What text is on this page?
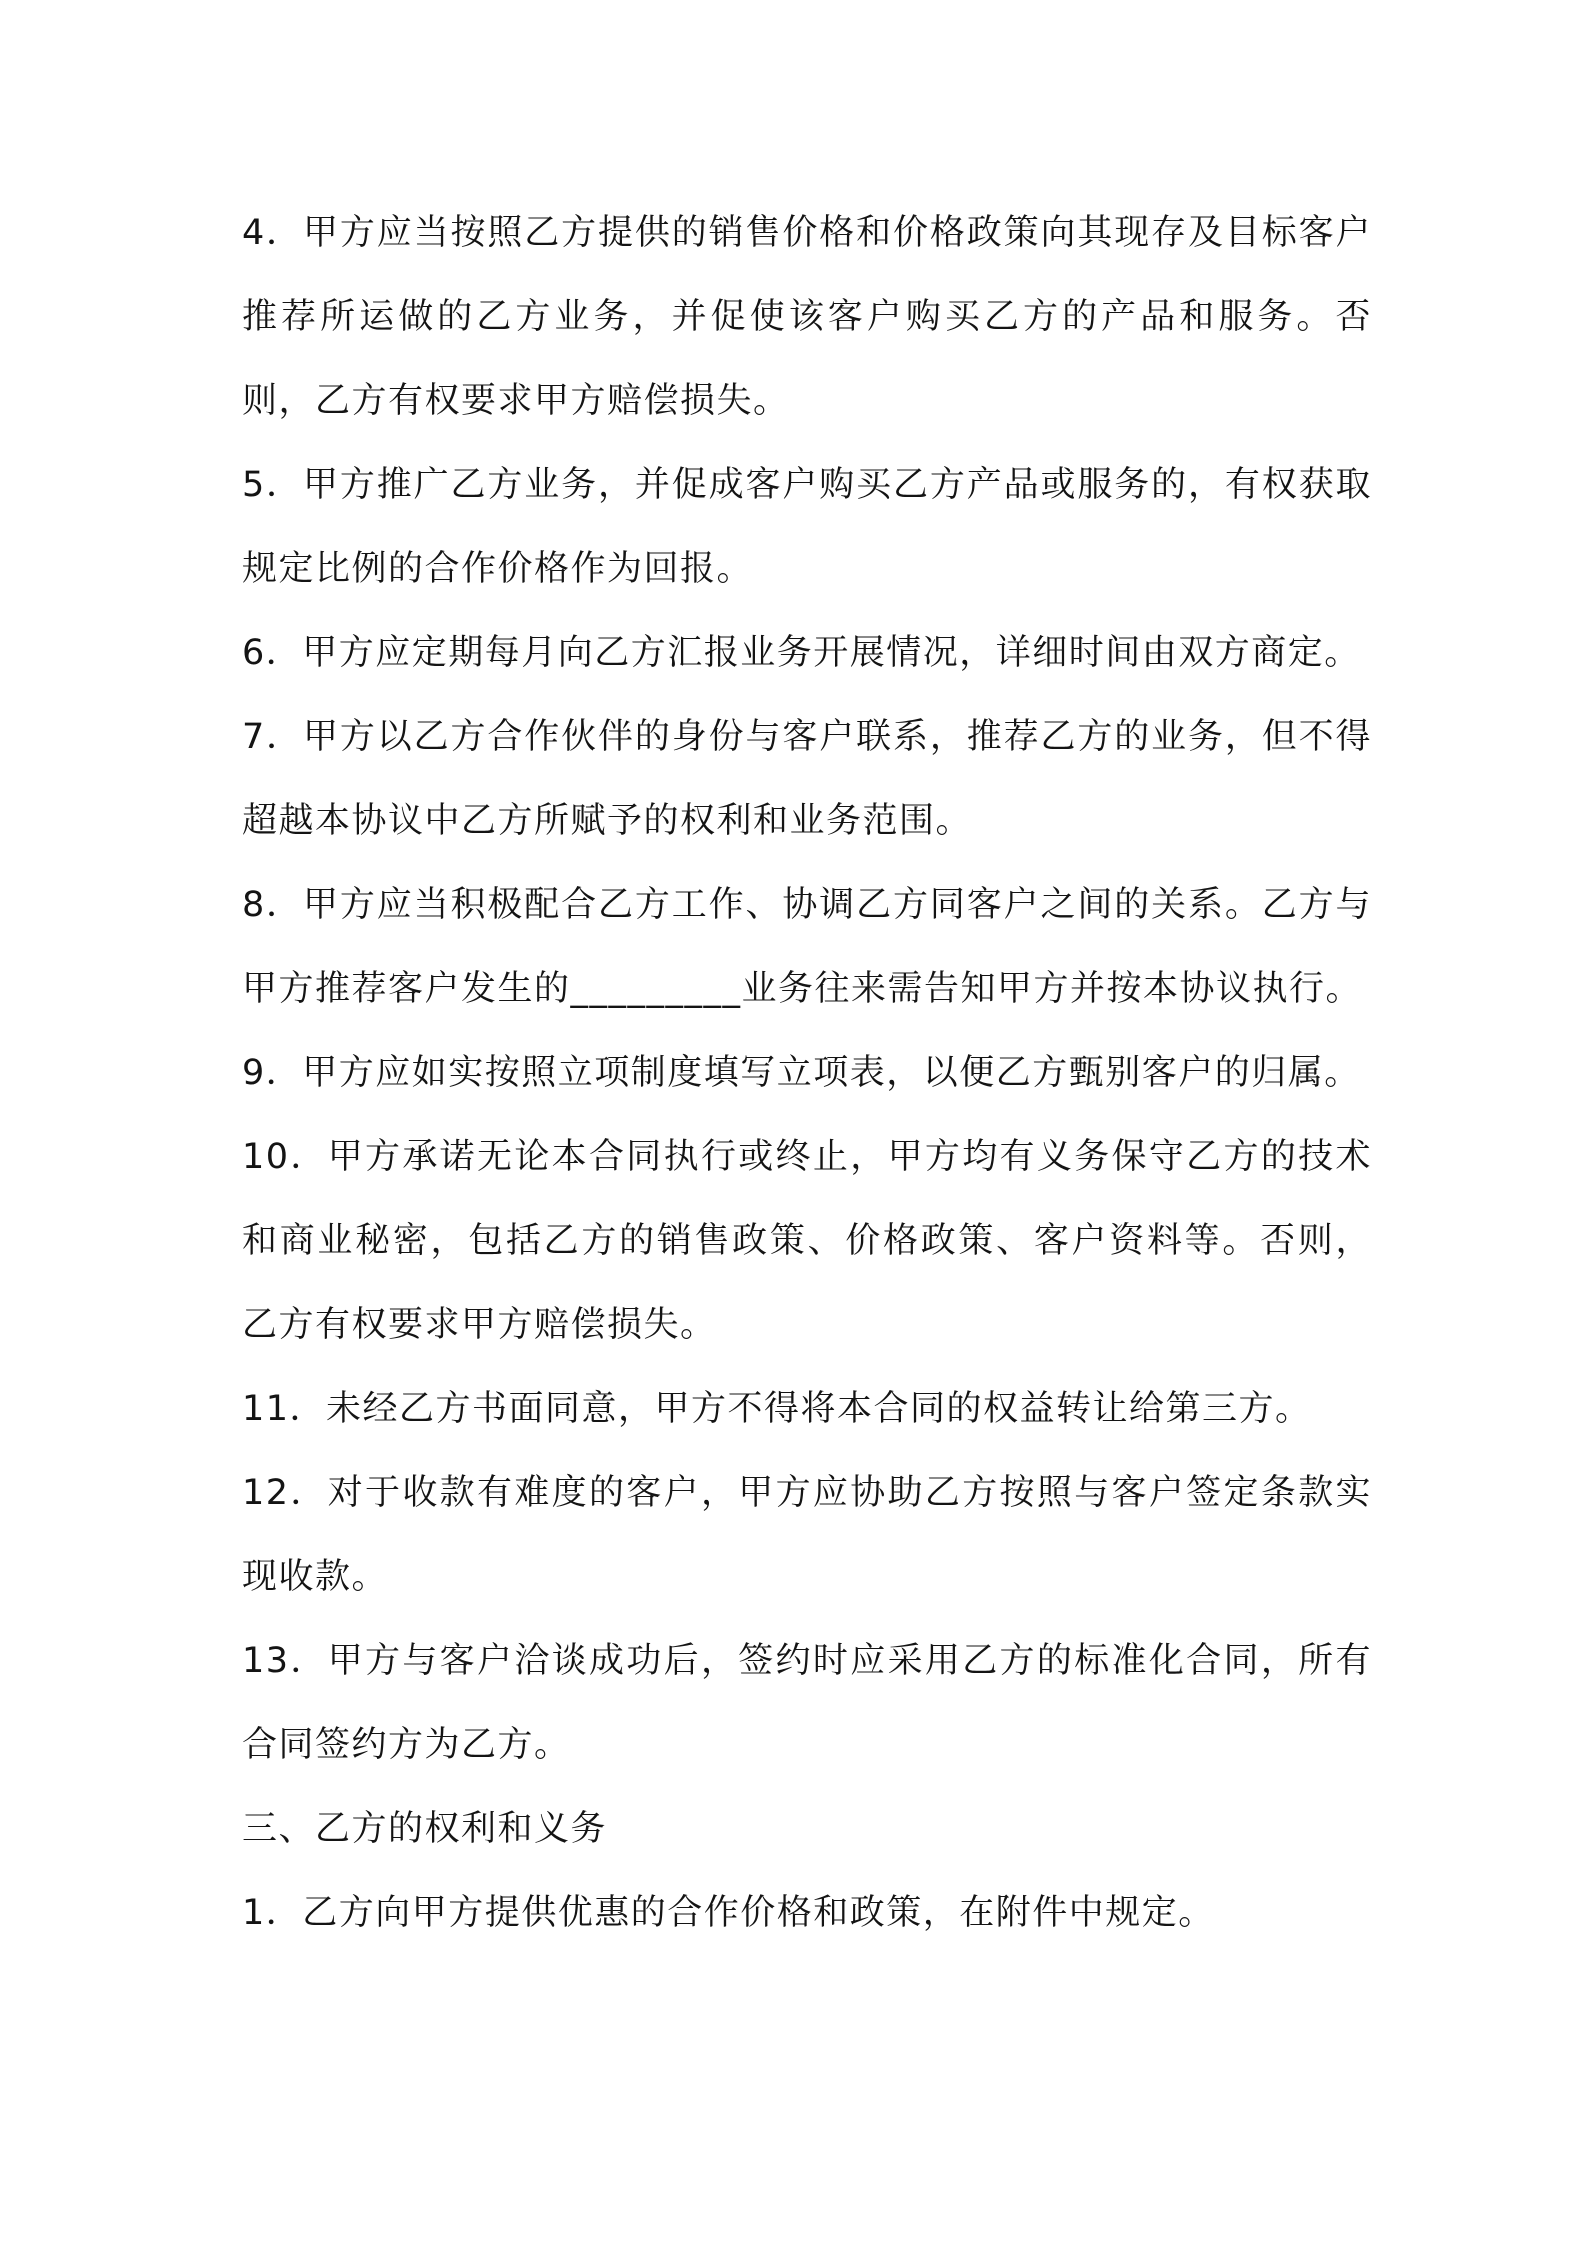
4．甲方应当按照乙方提供的销售价格和价格政策向其现存及目标客户推荐所运做的乙方业务，并促使该客户购买乙方的产品和服务。否则，乙方有权要求甲方赔偿损失。

5．甲方推广乙方业务，并促成客户购买乙方产品或服务的，有权获取规定比例的合作价格作为回报。

6．甲方应定期每月向乙方汇报业务开展情况，详细时间由双方商定。

7．甲方以乙方合作伙伴的身份与客户联系，推荐乙方的业务，但不得超越本协议中乙方所赋予的权利和业务范围。

8．甲方应当积极配合乙方工作、协调乙方同客户之间的关系。乙方与甲方推荐客户发生的_________业务往来需告知甲方并按本协议执行。

9．甲方应如实按照立项制度填写立项表，以便乙方甄别客户的归属。

10．甲方承诺无论本合同执行或终止，甲方均有义务保守乙方的技术和商业秘密，包括乙方的销售政策、价格政策、客户资料等。否则，乙方有权要求甲方赔偿损失。

11．未经乙方书面同意，甲方不得将本合同的权益转让给第三方。

12．对于收款有难度的客户，甲方应协助乙方按照与客户签定条款实现收款。

13．甲方与客户洽谈成功后，签约时应采用乙方的标准化合同，所有合同签约方为乙方。

三、乙方的权利和义务

1．乙方向甲方提供优惠的合作价格和政策，在附件中规定。
